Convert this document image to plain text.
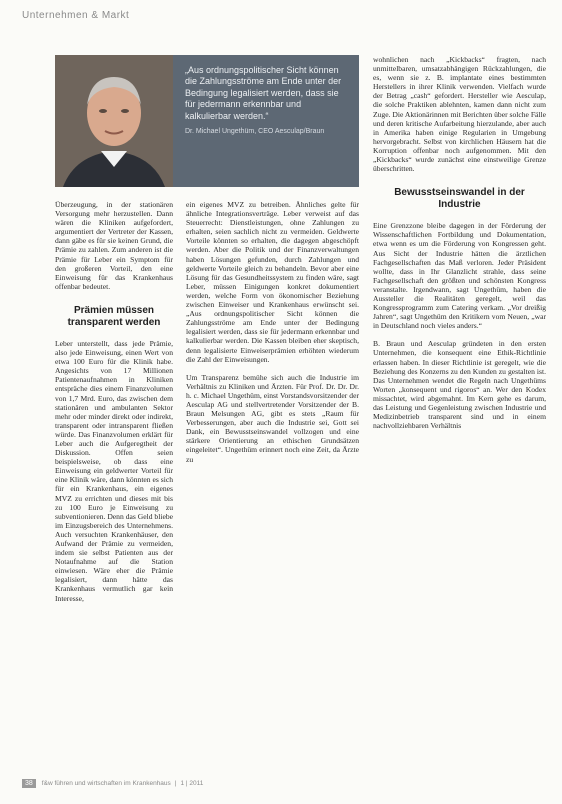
Unternehmen & Markt

„Aus ordnungspolitischer Sicht können die Zahlungsströme am Ende unter der Bedingung legalisiert werden, dass sie für jedermann erkennbar und kalkulierbar werden.“

Dr. Michael Ungethüm, CEO Aesculap/Braun

Überzeugung, in der stationären Versorgung mehr herzustellen. Dann wären die Kliniken aufgefordert, argumentiert der Vertreter der Kassen, dann gäbe es für sie keinen Grund, die Prämie zu zahlen. Zum anderen ist die Prämie für Leber ein Symptom für den großeren Vorteil, den eine Einweisung für das Krankenhaus offenbar bedeutet.

Prämien müssen transparent werden

Leber unterstellt, dass jede Prämie, also jede Einweisung, einen Wert von etwa 100 Euro für die Klinik habe. Angesichts von 17 Millionen Patientenaufnahmen in Kliniken entspräche dies einem Finanzvolumen von 1,7 Mrd. Euro, das zwischen dem stationären und ambulanten Sektor mehr oder minder direkt oder indirekt, transparent oder intransparent fließen würde. Das Finanzvolumen erklärt für Leber auch die Aufgeregtheit der Diskussion. Offen seien beispielsweise, ob dass eine Einweisung ein geldwerter Vorteil für eine Klinik wäre, dann könnten es sich für ein Krankenhaus, ein eigenes MVZ zu errichten und dieses mit bis zu 100 Euro je Einweisung zu subventionieren. Denn das Geld bliebe im Einzugsbereich des Unternehmens. Auch versuchten Krankenhäuser, den Aufwand der Prämie zu vermeiden, indem sie selbst Patienten aus der Notaufnahme auf die Station einwiesen. Wäre eher die Prämie legalisiert, dann hätte das Krankenhaus vermutlich gar kein Interesse,

ein eigenes MVZ zu betreiben. Ähnliches gelte für ähnliche Integrationsverträge. Leber verweist auf das Steuerrecht: Dienstleistungen, ohne Zahlungen zu erhalten, seien sachlich nicht zu vermeiden. Geldwerte Vorteile könnten so erhalten, die dagegen abgeschöpft werden. Aber die Politik und der Finanzverwaltungen haben Lösungen gefunden, durch Zahlungen und geldwerte Vorteile gleich zu behandeln. Bevor aber eine Lösung für das Gesundheitssystem zu finden wäre, sagt Leber, müssen Einigungen konkret dokumentiert werden, welche Form von ökonomischer Beziehung zwischen Einweiser und Krankenhaus erwünscht sei. „Aus ordnungspolitischer Sicht können die Zahlungsströme am Ende unter der Bedingung legalisiert werden, dass sie für jedermann erkennbar und kalkulierbar werden. Die Kassen bleiben eher skeptisch, denn legalisierte Einweiserprämien erhöhten wiederum die Zahl der Einweisungen.

Um Transparenz bemühe sich auch die Industrie im Verhältnis zu Kliniken und Ärzten. Für Prof. Dr. Dr. Dr. h. c. Michael Ungethüm, einst Vorstandsvorsitzender der Aesculap AG und stellvertretender Vorsitzender der B. Braun Melsungen AG, gibt es stets „Raum für Verbesserungen, aber auch die Industrie sei, Gott sei Dank, ein Bewusstseinswandel vollzogen und eine stärkere Orientierung an ethischen Grundsätzen eingeleitet“. Ungethüm erinnert noch eine Zeit, da Ärzte zu

wohnlichen nach „Kickbacks“ fragten, nach unmittelbaren, umsatzabhängigen Rückzahlungen, die es, wenn sie z. B. implantate eines bestimmten Herstellers in ihrer Klinik verwenden. Vielfach wurde der Betrag „cash“ gefordert. Hersteller wie Aesculap, die solche Praktiken ablehnten, kamen dann nicht zum Zuge. Die Aktionärinnen mit Berichten über solche Fälle und deren kritische Aufarbeitung hierzulande, aber auch in Amerika haben einige Regularien in Umgebung hervorgebracht. Selbst von kirchlichen Häusern hat die Korruption offenbar noch aufgenommen. Mit den „Kickbacks“ wurde zunächst eine einstweilige Grenze überschritten.

Bewusstseinswandel in der Industrie

Eine Grenzzone bleibe dagegen in der Förderung der Wissenschaftlichen Fortbildung und Dokumentation, etwa wenn es um die Förderung von Kongressen geht. Aus Sicht der Industrie hätten die ärztlichen Fachgesellschaften das Maß verloren. Jeder Präsident wollte, dass in Ihr Glanzlicht strahle, dass seine Fachgesellschaft den größten und schönsten Kongress veranstalte. Irgendwann, sagt Ungethüm, haben die Aussteller die Realitäten geregelt, weil das Kongressprogramm zum Catering verkam. „Vor dreißig Jahren“, sagt Ungethüm den Kritikern vom Neuen, „war in Deutschland noch vieles anders.“

B. Braun und Aesculap gründeten in den ersten Unternehmen, die konsequent eine Ethik-Richtlinie erlassen haben. In dieser Richtlinie ist geregelt, wie die Beziehung des Konzerns zu den Kunden zu gestalten ist. Das Unternehmen wendet die Regeln nach Ungethüms Worten „konsequent und rigoros“ an. Wer den Kodex missachtet, wird abgemahnt. Im Kern gehe es darum, das Leistung und Gegenleistung zwischen Industrie und Medizinbetrieb transparent sind und in einem nachvollziehbaren Verhältnis

38	f&w führen und wirtschaften im Krankenhaus | 1 | 2011
